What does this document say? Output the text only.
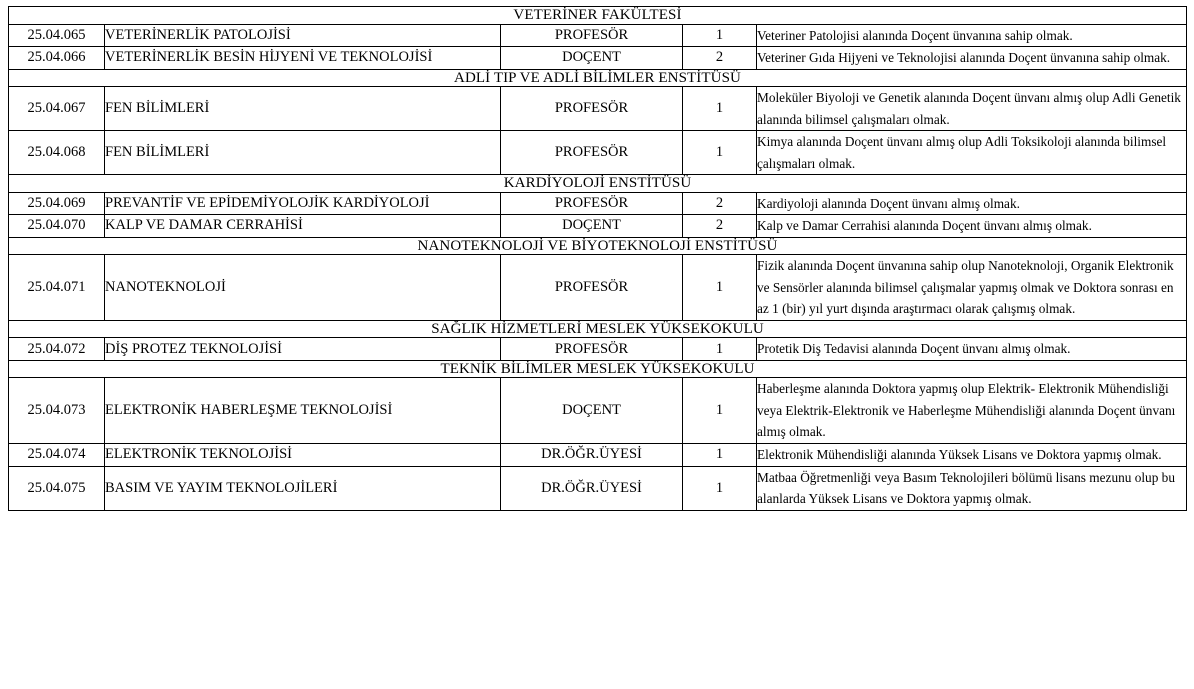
VETERİNER FAKÜLTESİ				
25.04.065	VETERİNERLİK PATOLOJİSİ	PROFESÖR	1	Veteriner Patolojisi alanında Doçent ünvanına sahip olmak.
25.04.066	VETERİNERLİK BESİN HİJYENİ VE TEKNOLOJİSİ	DOÇENT	2	Veteriner Gıda Hijyeni ve Teknolojisi alanında Doçent ünvanına sahip olmak.
ADLİ TIP VE ADLİ BİLİMLER ENSTİTÜSÜ				
25.04.067	FEN BİLİMLERİ	PROFESÖR	1	Moleküler Biyoloji ve Genetik alanında Doçent ünvanı almış olup Adli Genetik alanında bilimsel çalışmaları olmak.
25.04.068	FEN BİLİMLERİ	PROFESÖR	1	Kimya alanında Doçent ünvanı almış olup Adli Toksikoloji alanında bilimsel çalışmaları olmak.
KARDİYOLOJİ ENSTİTÜSÜ				
25.04.069	PREVANTİF VE EPİDEMİYOLOJİK KARDİYOLOJİ	PROFESÖR	2	Kardiyoloji alanında Doçent ünvanı almış olmak.
25.04.070	KALP VE DAMAR CERRAHİSİ	DOÇENT	2	Kalp ve Damar Cerrahisi alanında Doçent ünvanı almış olmak.
NANOTEKNOLOJİ VE BİYOTEKNOLOJİ ENSTİTÜSÜ				
25.04.071	NANOTEKNOLOJİ	PROFESÖR	1	Fizik alanında Doçent ünvanına sahip olup Nanoteknoloji, Organik Elektronik ve Sensörler alanında bilimsel çalışmalar yapmış olmak ve Doktora sonrası en az 1 (bir) yıl yurt dışında araştırmacı olarak çalışmış olmak.
SAĞLIK HİZMETLERİ MESLEK YÜKSEKOKULU				
25.04.072	DİŞ PROTEZ TEKNOLOJİSİ	PROFESÖR	1	Protetik Diş Tedavisi alanında Doçent ünvanı almış olmak.
TEKNİK BİLİMLER MESLEK YÜKSEKOKULU				
25.04.073	ELEKTRONİK HABERLEŞME TEKNOLOJİSİ	DOÇENT	1	Haberleşme alanında Doktora yapmış olup Elektrik- Elektronik Mühendisliği veya Elektrik-Elektronik ve Haberleşme Mühendisliği alanında Doçent ünvanı almış olmak.
25.04.074	ELEKTRONİK TEKNOLOJİSİ	DR.ÖĞR.ÜYESİ	1	Elektronik Mühendisliği alanında Yüksek Lisans ve Doktora yapmış olmak.
25.04.075	BASIM VE YAYIM TEKNOLOJİLERİ	DR.ÖĞR.ÜYESİ	1	Matbaa Öğretmenliği veya Basım Teknolojileri bölümü lisans mezunu olup bu alanlarda Yüksek Lisans ve Doktora yapmış olmak.
